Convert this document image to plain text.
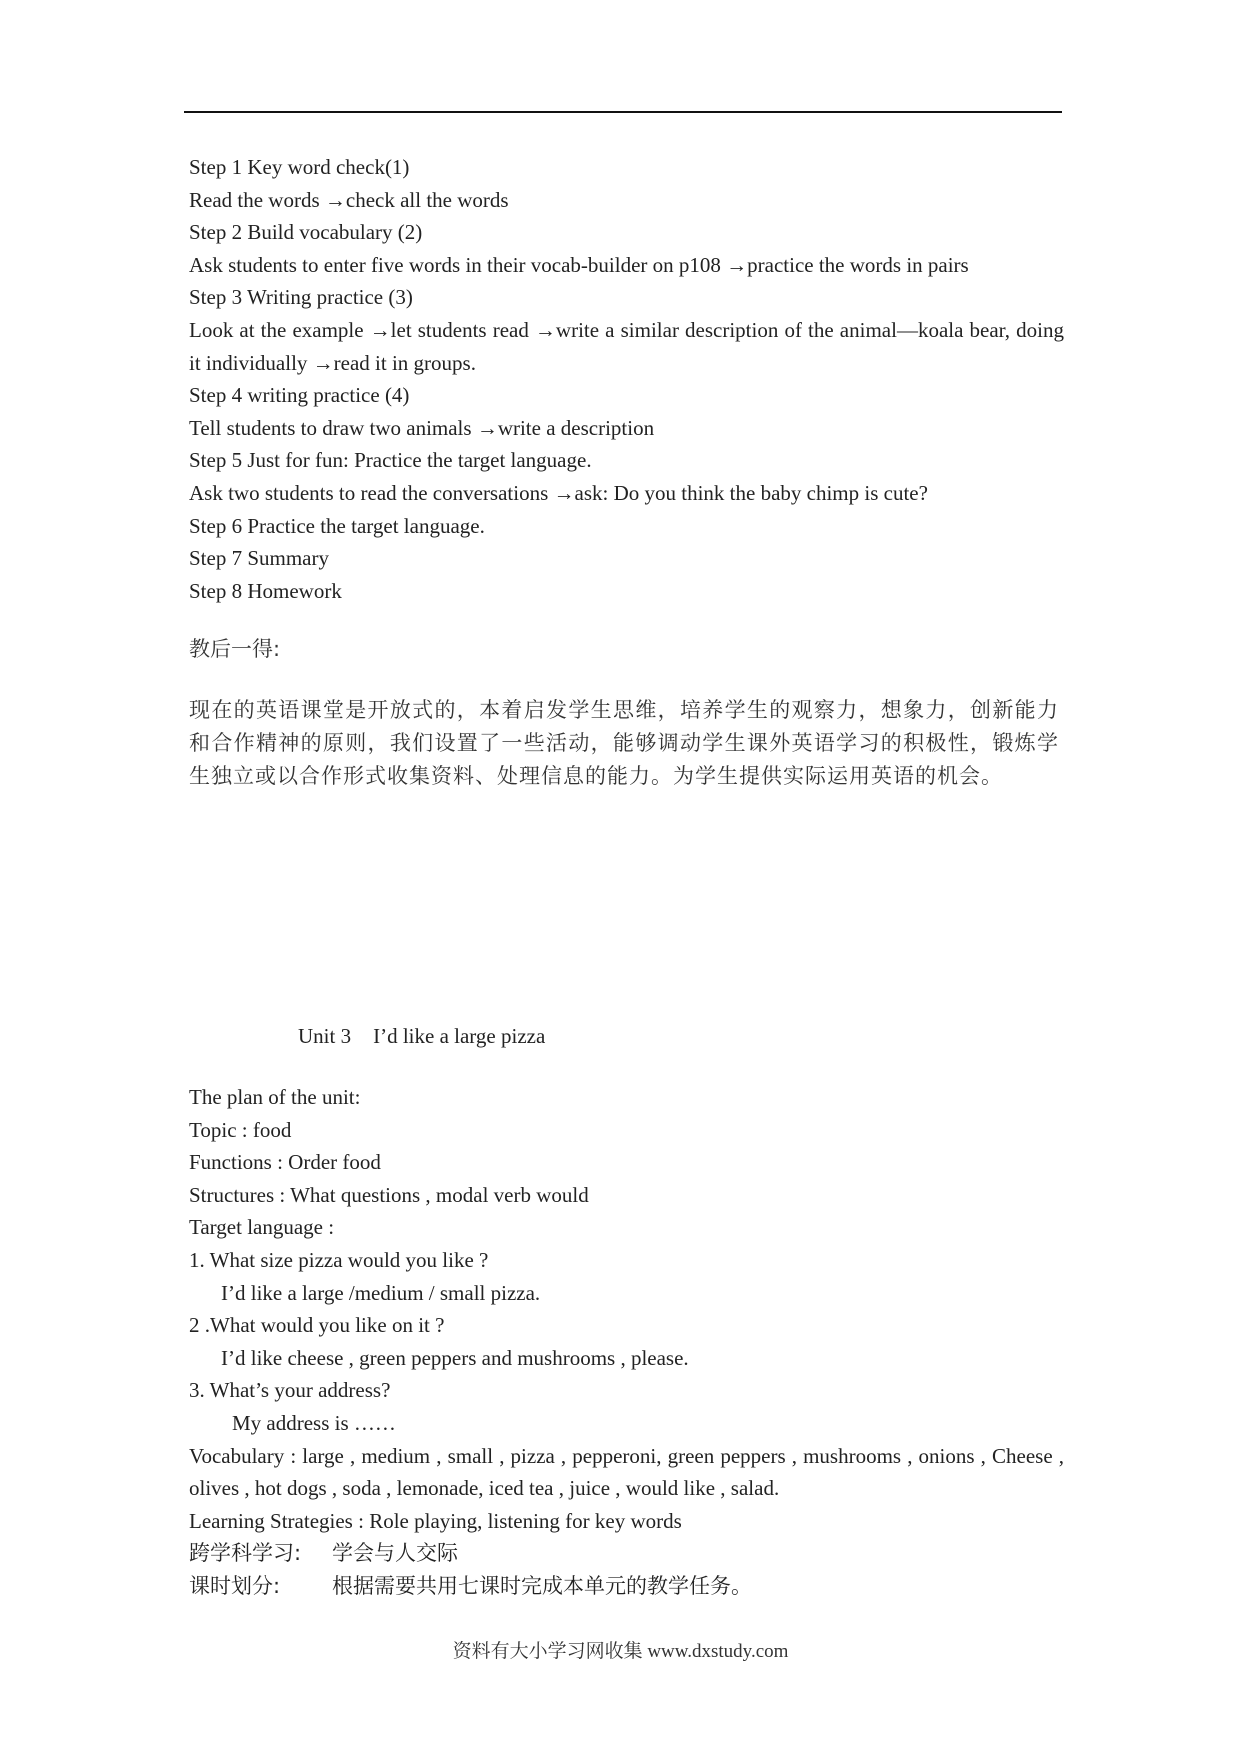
Step 1 Key word check(1)
Read the words →check all the words
Step 2 Build vocabulary (2)
Ask students to enter five words in their vocab-builder on p108 →practice the words in pairs
Step 3 Writing practice (3)
Look at the example →let students read →write a similar description of the animal—koala bear, doing it individually →read it in groups.
Step 4 writing practice (4)
Tell students to draw two animals →write a description
Step 5 Just for fun: Practice the target language.
Ask two students to read the conversations →ask: Do you think the baby chimp is cute?
Step 6 Practice the target language.
Step 7 Summary
Step 8 Homework
教后一得:
现在的英语课堂是开放式的，本着启发学生思维，培养学生的观察力，想象力，创新能力和合作精神的原则，我们设置了一些活动，能够调动学生课外英语学习的积极性，锻炼学生独立或以合作形式收集资料、处理信息的能力。为学生提供实际运用英语的机会。
Unit 3 I’d like a large pizza
The plan of the unit:
Topic : food
Functions : Order food
Structures : What questions , modal verb would
Target language :
1. What size pizza would you like ?
I’d like a large /medium / small pizza.
2 .What would you like on it ?
I’d like cheese , green peppers and mushrooms , please.
3. What’s your address?
My address is ……
Vocabulary : large , medium , small , pizza , pepperoni, green peppers , mushrooms , onions , Cheese , olives , hot dogs , soda , lemonade, iced tea , juice , would like , salad.
Learning Strategies : Role playing, listening for key words
跨学科学习: 学会与人交际
课时划分: 根据需要共用七课时完成本单元的教学任务。
资料有大小学习网收集 www.dxstudy.com
